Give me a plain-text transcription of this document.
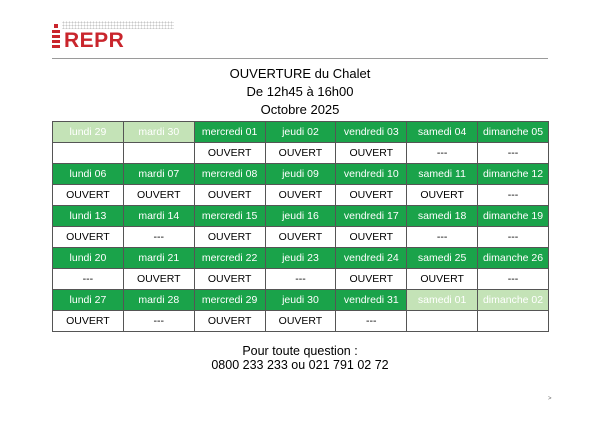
REPR
OUVERTURE du Chalet
De 12h45 à 16h00
Octobre 2025
lundi 29	mardi 30	mercredi 01	jeudi 02	vendredi 03	samedi 04	dimanche 05
		OUVERT	OUVERT	OUVERT	---	---
lundi 06	mardi 07	mercredi 08	jeudi 09	vendredi 10	samedi 11	dimanche 12
OUVERT	OUVERT	OUVERT	OUVERT	OUVERT	OUVERT	---
lundi 13	mardi 14	mercredi 15	jeudi 16	vendredi 17	samedi 18	dimanche 19
OUVERT	---	OUVERT	OUVERT	OUVERT	---	---
lundi 20	mardi 21	mercredi 22	jeudi 23	vendredi 24	samedi 25	dimanche 26
---	OUVERT	OUVERT	---	OUVERT	OUVERT	---
lundi 27	mardi 28	mercredi 29	jeudi 30	vendredi 31	samedi 01	dimanche 02
OUVERT	---	OUVERT	OUVERT	---		
Pour toute question :
0800 233 233 ou 021 791 02 72
>
